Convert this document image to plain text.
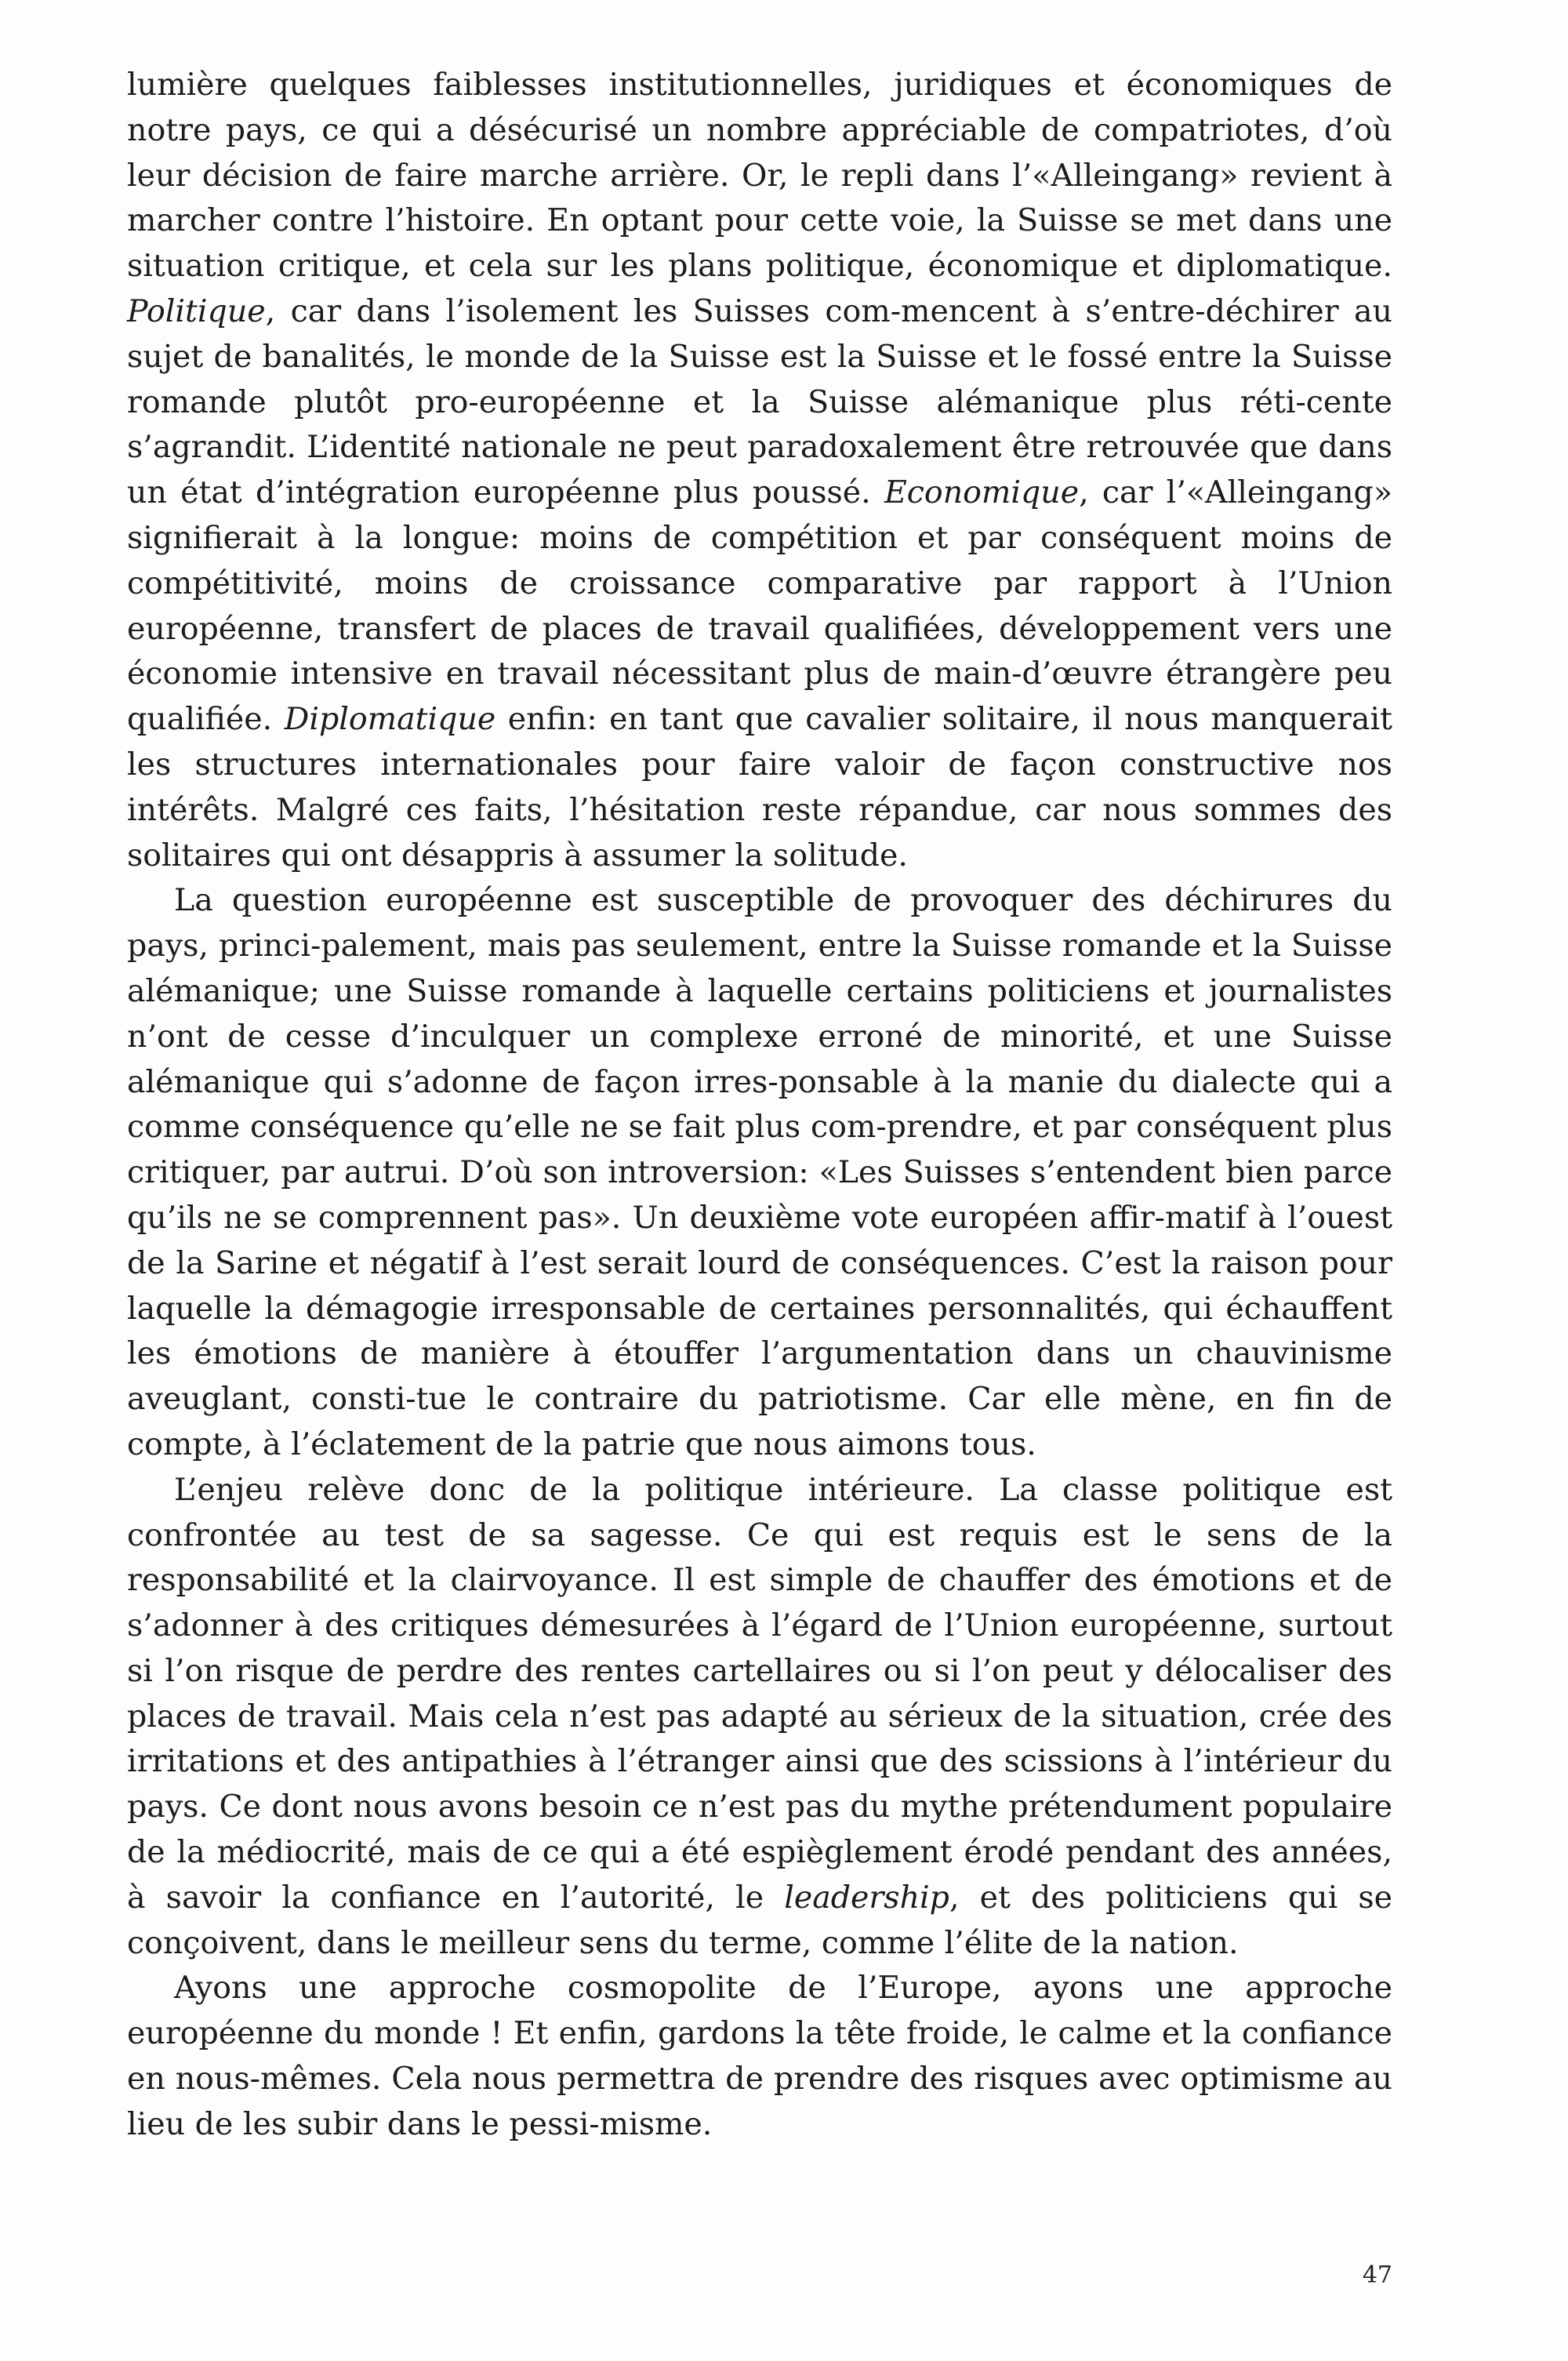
lumière quelques faiblesses institutionnelles, juridiques et économiques de notre pays, ce qui a désécurisé un nombre appréciable de compatriotes, d’où leur décision de faire marche arrière. Or, le repli dans l’«Alleingang» revient à marcher contre l’histoire. En optant pour cette voie, la Suisse se met dans une situation critique, et cela sur les plans politique, économique et diplomatique. Politique, car dans l’isolement les Suisses com-mencent à s’entre-déchirer au sujet de banalités, le monde de la Suisse est la Suisse et le fossé entre la Suisse romande plutôt pro-européenne et la Suisse alémanique plus réti-cente s’agrandit. L’identité nationale ne peut paradoxalement être retrouvée que dans un état d’intégration européenne plus poussé. Economique, car l’«Alleingang» signifierait à la longue: moins de compétition et par conséquent moins de compétitivité, moins de croissance comparative par rapport à l’Union européenne, transfert de places de travail qualifiées, développement vers une économie intensive en travail nécessitant plus de main-d’œuvre étrangère peu qualifiée. Diplomatique enfin: en tant que cavalier solitaire, il nous manquerait les structures internationales pour faire valoir de façon constructive nos intérêts. Malgré ces faits, l’hésitation reste répandue, car nous sommes des solitaires qui ont désappris à assumer la solitude.

La question européenne est susceptible de provoquer des déchirures du pays, princi-palement, mais pas seulement, entre la Suisse romande et la Suisse alémanique; une Suisse romande à laquelle certains politiciens et journalistes n’ont de cesse d’inculquer un complexe erroné de minorité, et une Suisse alémanique qui s’adonne de façon irres-ponsable à la manie du dialecte qui a comme conséquence qu’elle ne se fait plus com-prendre, et par conséquent plus critiquer, par autrui. D’où son introversion: «Les Suisses s’entendent bien parce qu’ils ne se comprennent pas». Un deuxième vote européen affir-matif à l’ouest de la Sarine et négatif à l’est serait lourd de conséquences. C’est la raison pour laquelle la démagogie irresponsable de certaines personnalités, qui échauffent les émotions de manière à étouffer l’argumentation dans un chauvinisme aveuglant, consti-tue le contraire du patriotisme. Car elle mène, en fin de compte, à l’éclatement de la patrie que nous aimons tous.

L’enjeu relève donc de la politique intérieure. La classe politique est confrontée au test de sa sagesse. Ce qui est requis est le sens de la responsabilité et la clairvoyance. Il est simple de chauffer des émotions et de s’adonner à des critiques démesurées à l’égard de l’Union européenne, surtout si l’on risque de perdre des rentes cartellaires ou si l’on peut y délocaliser des places de travail. Mais cela n’est pas adapté au sérieux de la situation, crée des irritations et des antipathies à l’étranger ainsi que des scissions à l’intérieur du pays. Ce dont nous avons besoin ce n’est pas du mythe prétendument populaire de la médiocrité, mais de ce qui a été espièglement érodé pendant des années, à savoir la confiance en l’autorité, le leadership, et des politiciens qui se conçoivent, dans le meilleur sens du terme, comme l’élite de la nation.

Ayons une approche cosmopolite de l’Europe, ayons une approche européenne du monde ! Et enfin, gardons la tête froide, le calme et la confiance en nous-mêmes. Cela nous permettra de prendre des risques avec optimisme au lieu de les subir dans le pessi-misme.

47
